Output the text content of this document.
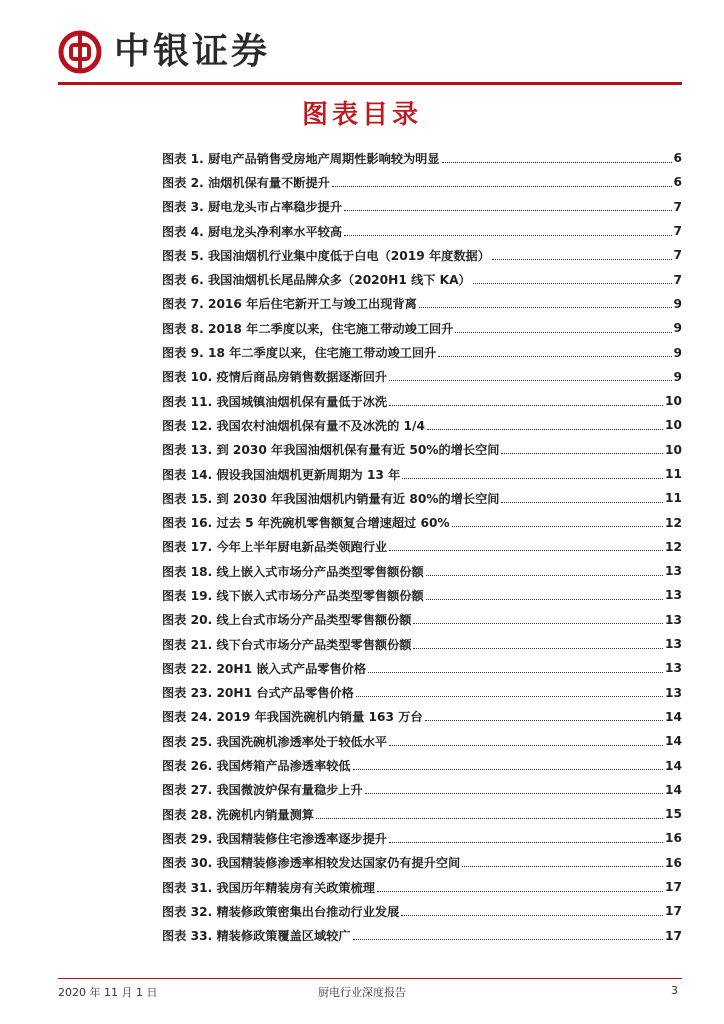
中银证券
图表目录
图表 1. 厨电产品销售受房地产周期性影响较为明显	6
图表 2. 油烟机保有量不断提升	6
图表 3. 厨电龙头市占率稳步提升	7
图表 4. 厨电龙头净利率水平较高	7
图表 5. 我国油烟机行业集中度低于白电（2019 年度数据）	7
图表 6. 我国油烟机长尾品牌众多（2020H1 线下 KA）	7
图表 7. 2016 年后住宅新开工与竣工出现背离	9
图表 8. 2018 年二季度以来，住宅施工带动竣工回升	9
图表 9. 18 年二季度以来，住宅施工带动竣工回升	9
图表 10. 疫情后商品房销售数据逐渐回升	9
图表 11. 我国城镇油烟机保有量低于冰洗	10
图表 12. 我国农村油烟机保有量不及冰洗的 1/4	10
图表 13. 到 2030 年我国油烟机保有量有近 50%的增长空间	10
图表 14. 假设我国油烟机更新周期为 13 年	11
图表 15. 到 2030 年我国油烟机内销量有近 80%的增长空间	11
图表 16. 过去 5 年洗碗机零售额复合增速超过 60%	12
图表 17. 今年上半年厨电新品类领跑行业	12
图表 18. 线上嵌入式市场分产品类型零售额份额	13
图表 19. 线下嵌入式市场分产品类型零售额份额	13
图表 20. 线上台式市场分产品类型零售额份额	13
图表 21. 线下台式市场分产品类型零售额份额	13
图表 22. 20H1 嵌入式产品零售价格	13
图表 23. 20H1 台式产品零售价格	13
图表 24. 2019 年我国洗碗机内销量 163 万台	14
图表 25. 我国洗碗机渗透率处于较低水平	14
图表 26. 我国烤箱产品渗透率较低	14
图表 27. 我国微波炉保有量稳步上升	14
图表 28. 洗碗机内销量测算	15
图表 29. 我国精装修住宅渗透率逐步提升	16
图表 30. 我国精装修渗透率相较发达国家仍有提升空间	16
图表 31. 我国历年精装房有关政策梳理	17
图表 32. 精装修政策密集出台推动行业发展	17
图表 33. 精装修政策覆盖区域较广	17
2020 年 11 月 1 日	厨电行业深度报告	3
